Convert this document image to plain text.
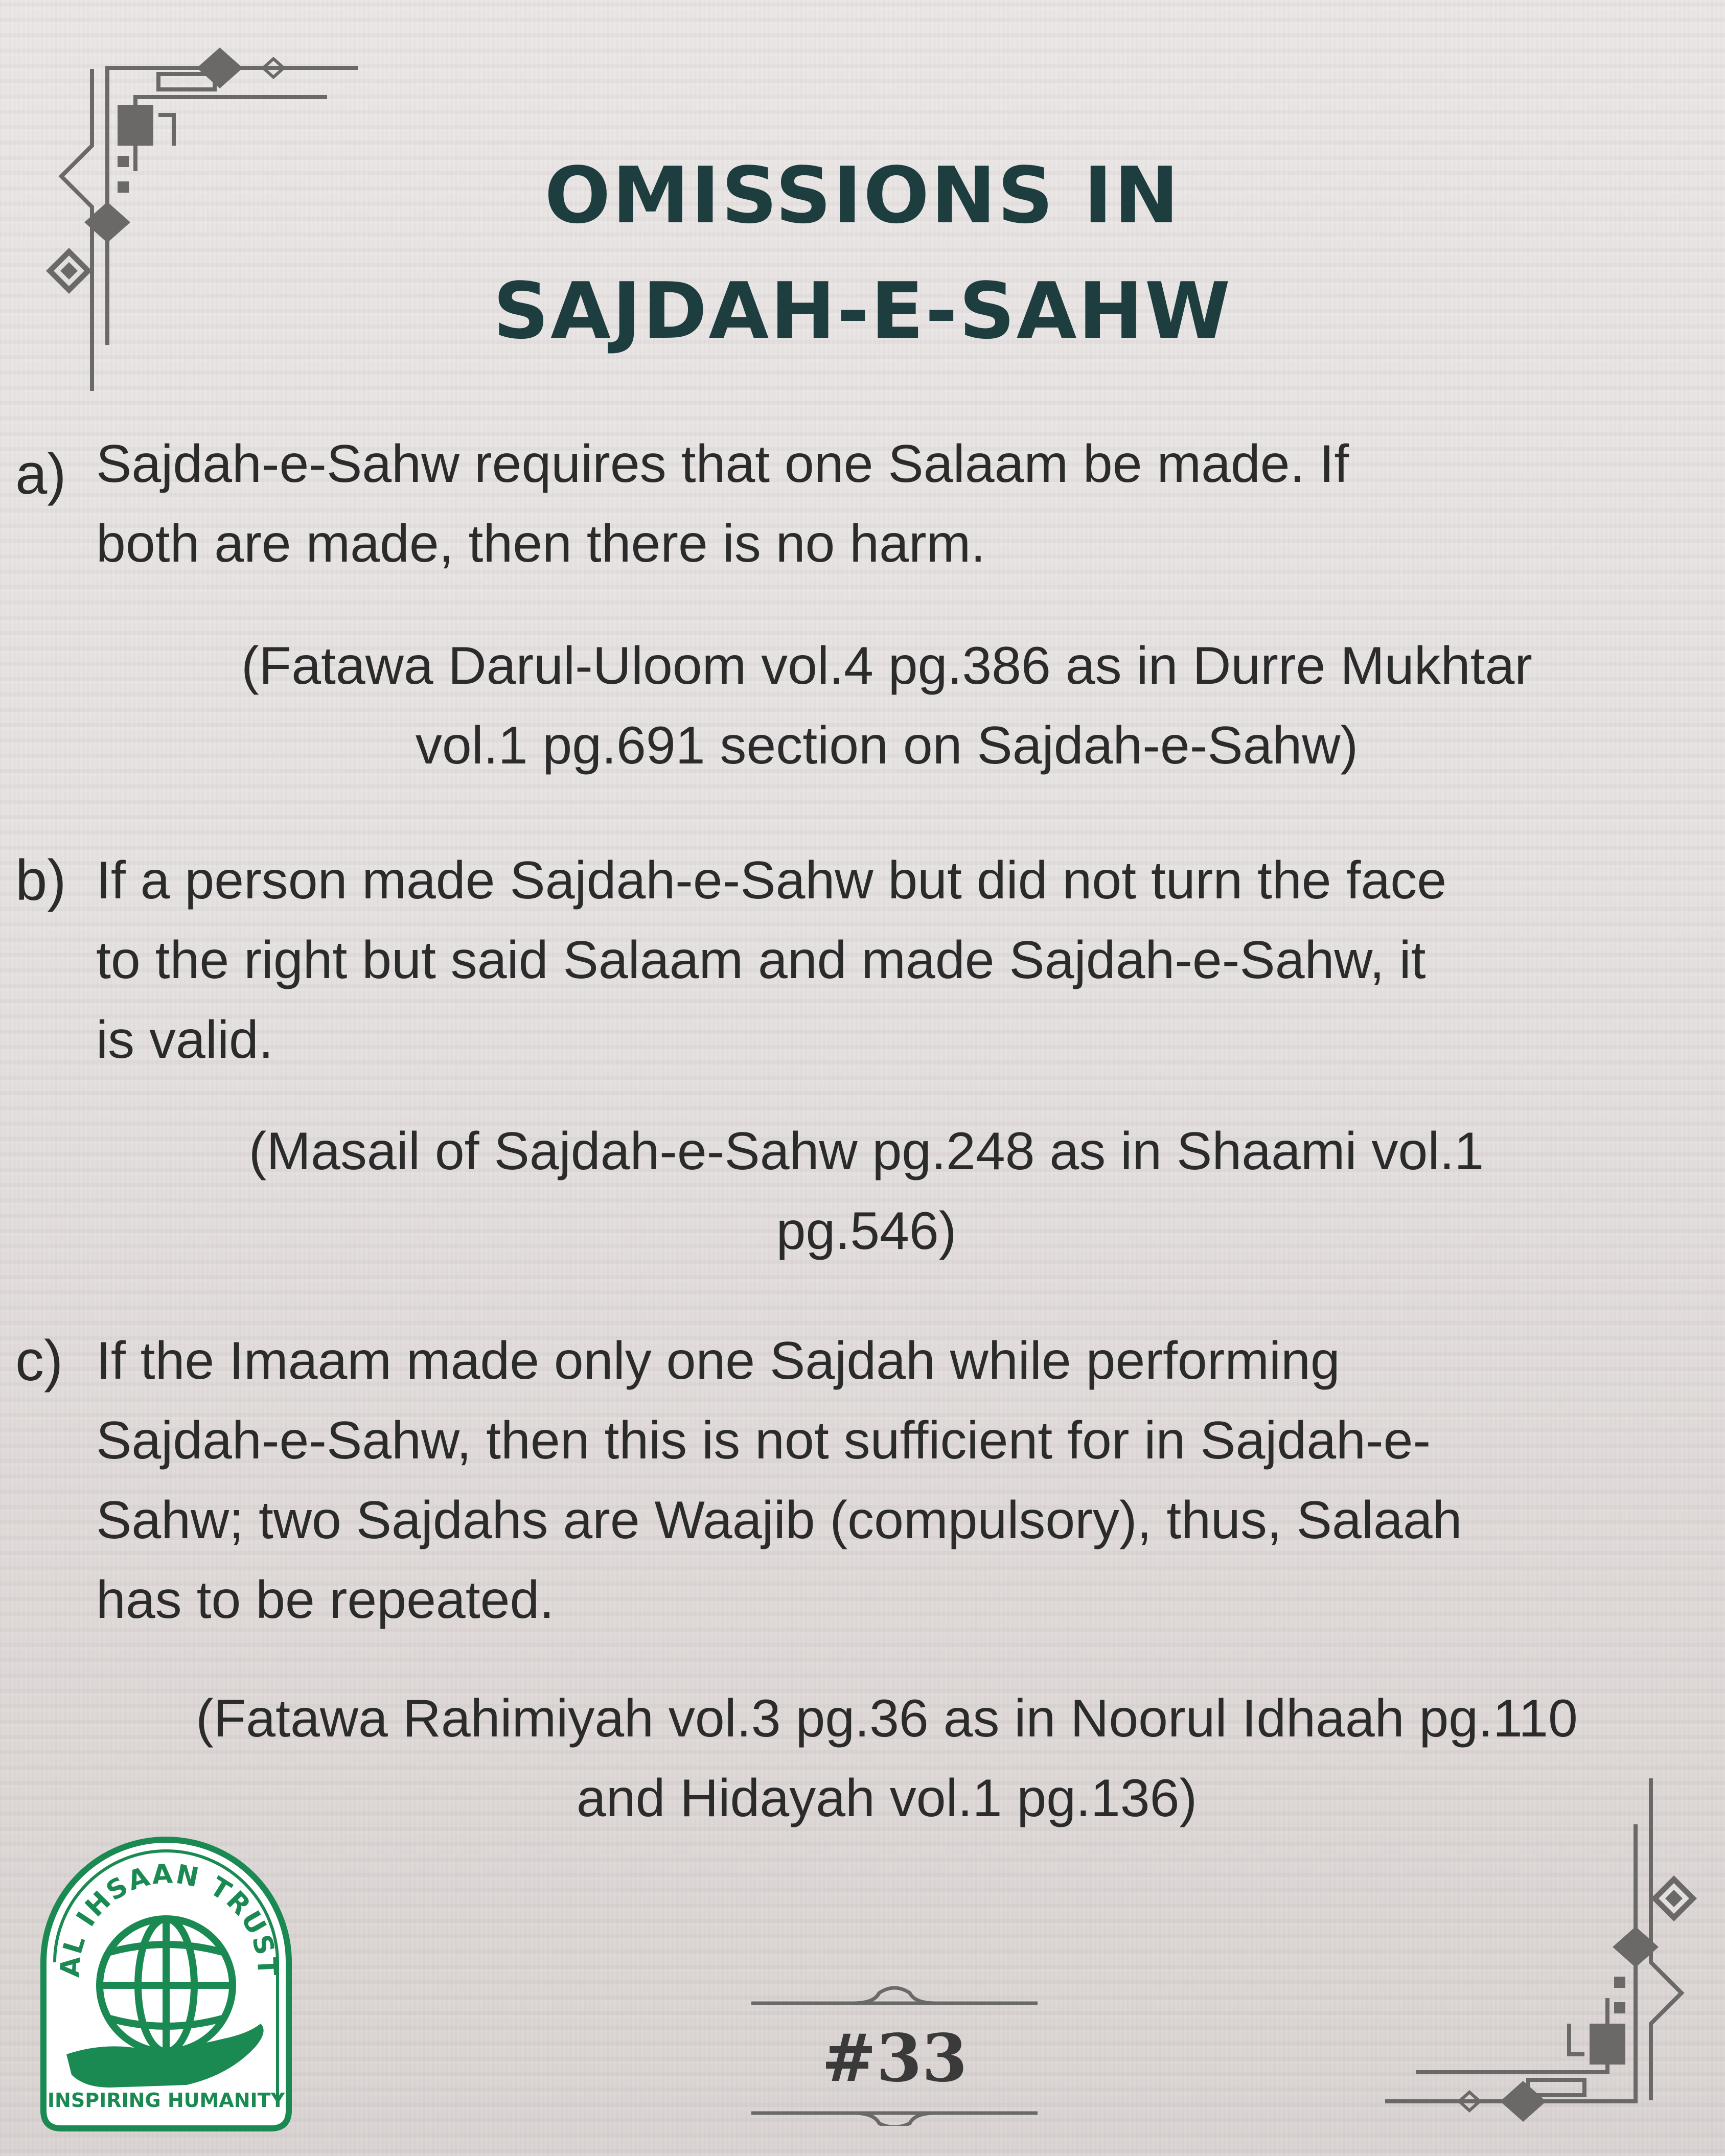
OMISSIONS IN
SAJDAH-E-SAHW
a) Sajdah-e-Sahw requires that one Salaam be made. If
both are made, then there is no harm.
(Fatawa Darul-Uloom vol.4 pg.386 as in Durre Mukhtar
vol.1 pg.691 section on Sajdah-e-Sahw)
b) If a person made Sajdah-e-Sahw but did not turn the face
to the right but said Salaam and made Sajdah-e-Sahw, it
is valid.
(Masail of Sajdah-e-Sahw pg.248 as in Shaami vol.1
pg.546)
c) If the Imaam made only one Sajdah while performing
Sajdah-e-Sahw, then this is not sufficient for in Sajdah-e-
Sahw; two Sajdahs are Waajib (compulsory), thus, Salaah
has to be repeated.
(Fatawa Rahimiyah vol.3 pg.36 as in Noorul Idhaah pg.110
and Hidayah vol.1 pg.136)
AL IHSAAN TRUST
INSPIRING HUMANITY
#33
